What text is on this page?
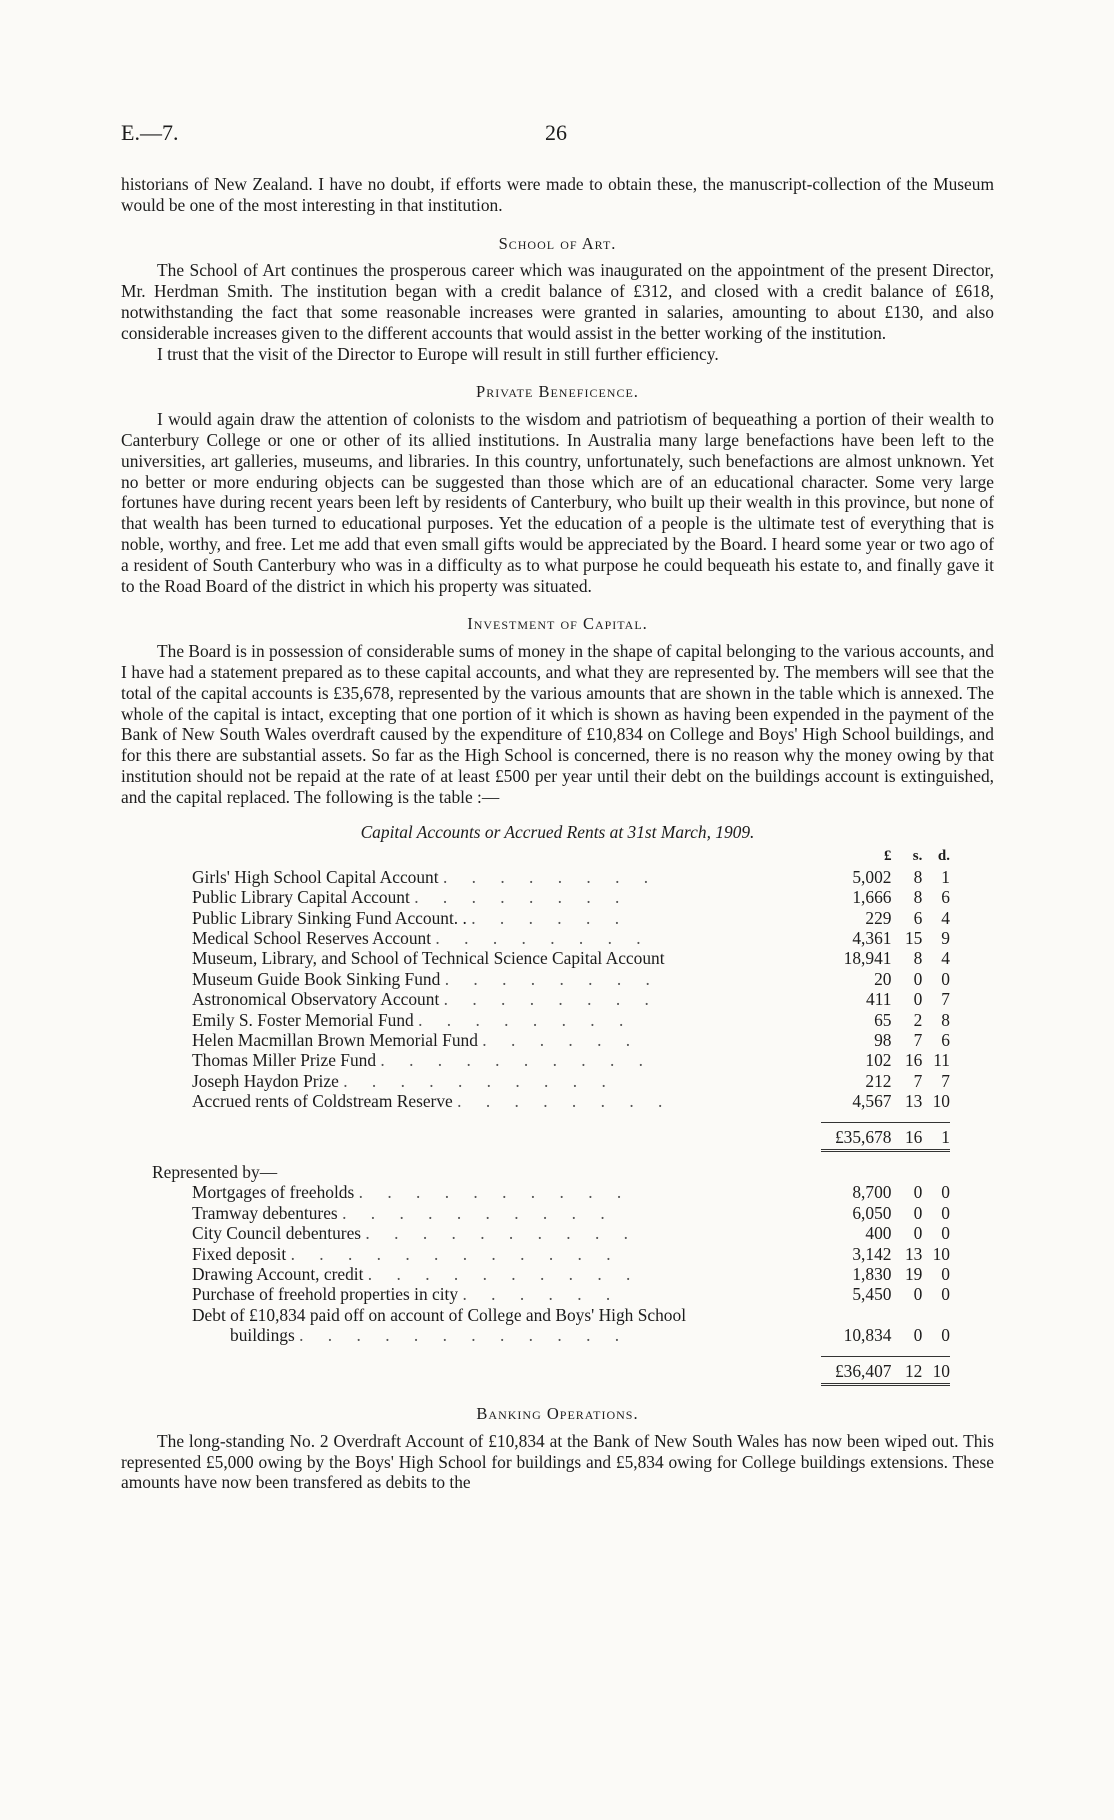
E.—7.	26

historians of New Zealand. I have no doubt, if efforts were made to obtain these, the manuscript-collection of the Museum would be one of the most interesting in that institution.

School of Art.

The School of Art continues the prosperous career which was inaugurated on the appointment of the present Director, Mr. Herdman Smith. The institution began with a credit balance of £312, and closed with a credit balance of £618, notwithstanding the fact that some reasonable increases were granted in salaries, amounting to about £130, and also considerable increases given to the different accounts that would assist in the better working of the institution.

I trust that the visit of the Director to Europe will result in still further efficiency.

Private Beneficence.

I would again draw the attention of colonists to the wisdom and patriotism of bequeathing a portion of their wealth to Canterbury College or one or other of its allied institutions. In Australia many large benefactions have been left to the universities, art galleries, museums, and libraries. In this country, unfortunately, such benefactions are almost unknown. Yet no better or more enduring objects can be suggested than those which are of an educational character. Some very large fortunes have during recent years been left by residents of Canterbury, who built up their wealth in this province, but none of that wealth has been turned to educational purposes. Yet the education of a people is the ultimate test of everything that is noble, worthy, and free. Let me add that even small gifts would be appreciated by the Board. I heard some year or two ago of a resident of South Canterbury who was in a difficulty as to what purpose he could bequeath his estate to, and finally gave it to the Road Board of the district in which his property was situated.

Investment of Capital.

The Board is in possession of considerable sums of money in the shape of capital belonging to the various accounts, and I have had a statement prepared as to these capital accounts, and what they are represented by. The members will see that the total of the capital accounts is £35,678, represented by the various amounts that are shown in the table which is annexed. The whole of the capital is intact, excepting that one portion of it which is shown as having been expended in the payment of the Bank of New South Wales overdraft caused by the expenditure of £10,834 on College and Boys' High School buildings, and for this there are substantial assets. So far as the High School is concerned, there is no reason why the money owing by that institution should not be repaid at the rate of at least £500 per year until their debt on the buildings account is extinguished, and the capital replaced. The following is the table :—

Capital Accounts or Accrued Rents at 31st March, 1909.
	£	s.	d.
Girls' High School Capital Account . . . . . . . .	5,002	8	1
Public Library Capital Account . . . . . . . .	1,666	8	6
Public Library Sinking Fund Account. . . . . . . .	229	6	4
Medical School Reserves Account . . . . . . . .	4,361	15	9
Museum, Library, and School of Technical Science Capital Account	18,941	8	4
Museum Guide Book Sinking Fund . . . . . . . .	20	0	0
Astronomical Observatory Account . . . . . . . .	411	0	7
Emily S. Foster Memorial Fund . . . . . . . .	65	2	8
Helen Macmillan Brown Memorial Fund . . . . . .	98	7	6
Thomas Miller Prize Fund . . . . . . . . . .	102	16	11
Joseph Haydon Prize . . . . . . . . . .	212	7	7
Accrued rents of Coldstream Reserve . . . . . . . .	4,567	13	10

	£35,678	16	1

Represented by—			
Mortgages of freeholds . . . . . . . . . .	8,700	0	0
Tramway debentures . . . . . . . . . .	6,050	0	0
City Council debentures . . . . . . . . . .	400	0	0
Fixed deposit . . . . . . . . . . . .	3,142	13	10
Drawing Account, credit . . . . . . . . . .	1,830	19	0
Purchase of freehold properties in city . . . . . .	5,450	0	0
Debt of £10,834 paid off on account of College and Boys' High School			
buildings . . . . . . . . . . . .	10,834	0	0

	£36,407	12	10
Banking Operations.

The long-standing No. 2 Overdraft Account of £10,834 at the Bank of New South Wales has now been wiped out. This represented £5,000 owing by the Boys' High School for buildings and £5,834 owing for College buildings extensions. These amounts have now been transfered as debits to the
